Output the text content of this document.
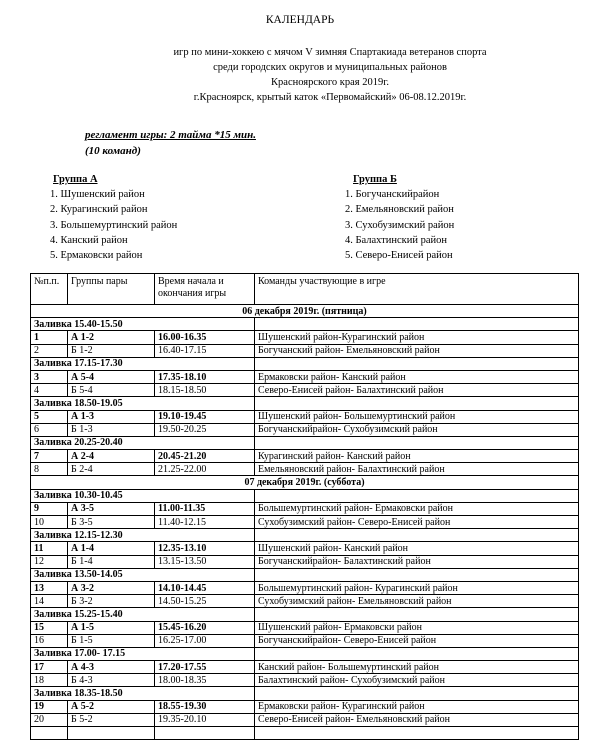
КАЛЕНДАРЬ
игр по мини-хоккею с мячом V зимняя Спартакиада ветеранов спорта
среди городских округов и муниципальных районов
Красноярского края 2019г.
г.Красноярск, крытый каток «Первомайский» 06-08.12.2019г.
регламент игры: 2 тайма *15 мин.
(10 команд)
Группа А
1. Шушенский район
2. Курагинский район
3. Большемуртинский район
4. Канский район
5. Ермаковски район
Группа Б
1. Богучанскийрайон
2. Емельяновский район
3. Сухобузимский район
4. Балахтинский район
5. Северо-Енисей район
№п.п.	Группы пары	Время начала и окончания игры	Команды участвующие в игре
06 декабря 2019г. (пятница)			
Заливка 15.40-15.50			
1	А 1-2	16.00-16.35	Шушенский район-Курагинский район
2	Б 1-2	16.40-17.15	Богучанский район- Емельяновский район
Заливка 17.15-17.30			
3	А 5-4	17.35-18.10	Ермаковски район- Канский район
4	Б 5-4	18.15-18.50	Северо-Енисей район- Балахтинский район
Заливка 18.50-19.05			
5	А 1-3	19.10-19.45	Шушенский район- Большемуртинский район
6	Б 1-3	19.50-20.25	Богучанскийрайон- Сухобузимский район
Заливка 20.25-20.40			
7	А 2-4	20.45-21.20	Курагинский район- Канский район
8	Б 2-4	21.25-22.00	Емельяновский район- Балахтинский район
07 декабря 2019г. (суббота)			
Заливка 10.30-10.45			
9	А 3-5	11.00-11.35	Большемуртинский район- Ермаковски район
10	Б 3-5	11.40-12.15	Сухобузимский район- Северо-Енисей район
Заливка 12.15-12.30			
11	А 1-4	12.35-13.10	Шушенский район- Канский район
12	Б 1-4	13.15-13.50	Богучанскийрайон- Балахтинский район
Заливка 13.50-14.05			
13	А 3-2	14.10-14.45	Большемуртинский район- Курагинский район
14	Б 3-2	14.50-15.25	Сухобузимский район- Емельяновский район
Заливка 15.25-15.40			
15	А 1-5	15.45-16.20	Шушенский район- Ермаковски район
16	Б 1-5	16.25-17.00	Богучанскийрайон- Северо-Енисей район
Заливка 17.00- 17.15			
17	А 4-3	17.20-17.55	Канский район- Большемуртинский район
18	Б 4-3	18.00-18.35	Балахтинский район- Сухобузимский район
Заливка 18.35-18.50			
19	А 5-2	18.55-19.30	Ермаковски район- Курагинский район
20	Б 5-2	19.35-20.10	Северо-Енисей район- Емельяновский район
